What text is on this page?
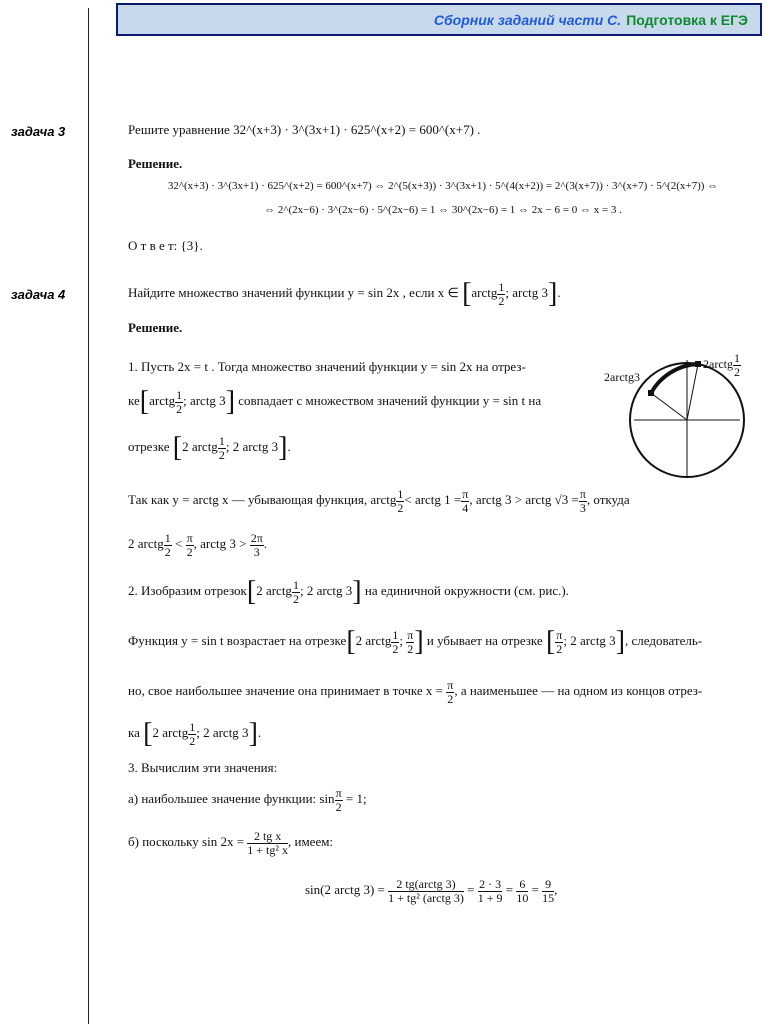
Сборник заданий части С. Подготовка к ЕГЭ
задача 3	Решите уравнение 32^(x+3) · 3^(3x+1) · 625^(x+2) = 600^(x+7) .
Решение.
32^(x+3) · 3^(3x+1) · 625^(x+2) = 600^(x+7) ⇔ 2^(5(x+3)) · 3^(3x+1) · 5^(4(x+2)) = 2^(3(x+7)) · 3^(x+7) · 5^(2(x+7)) ⇔
⇔ 2^(2x−6) · 3^(2x−6) · 5^(2x−6) = 1 ⇔ 30^(2x−6) = 1 ⇔ 2x − 6 = 0 ⇔ x = 3 .
О т в е т: {3}.
задача 4	Найдите множество значений функции y = sin 2x , если x ∈ [arctg $\frac{1}{2}$ ; arctg 3].
Решение.
1. Пусть 2x = t . Тогда множество значений функции y = sin 2x на отрез-
ке[arctg $\frac{1}{2}$ ; arctg 3] совпадает с множеством значений функции y = sin t на
отрезке [2 arctg $\frac{1}{2}$ ; 2 arctg 3].
Так как y = arctg x — убывающая функция, arctg $\frac{1}{2}$ < arctg $1 = \frac{\pi}{4}$ , arctg 3 > arctg $√3 = \frac{\pi}{3}$ , откуда
2 arctg $\frac{1}{2} < \frac{\pi}{2}$ , arctg $3 > \frac{2\pi}{3}$ .
2. Изобразим отрезок[2 arctg $\frac{1}{2}$ ; 2 arctg 3] на единичной окружности (см. рис.).
Функция y = sin t возрастает на отрезке[2 arctg $\frac{1}{2}$ ; $\frac{\pi}{2}$ ] и убывает на отрезке [ $\frac{\pi}{2}$ ; 2 arctg 3], следователь-
но, свое наибольшее значение она принимает в точке $x = \frac{\pi}{2}$ , а наименьшее — на одном из концов отрез-
ка [2 arctg $\frac{1}{2}$ ; 2 arctg 3].
3. Вычислим эти значения:
а) наибольшее значение функции: $\sin \frac{\pi}{2} = 1$;
б) поскольку $\sin 2x = \frac{\text{2 tg x}}{\text{1 + tg² x}}$ , имеем:
sin(2 arctg $3) = \frac{\text{2 tg(arctg 3)}}{\text{1 + tg² (arctg 3)}} = \frac{2 \cdot 3}{1 + 9} = \frac{6}{10} = \frac{9}{15}$ ,
2arctg $\frac{1}{2}$
2arctg3
